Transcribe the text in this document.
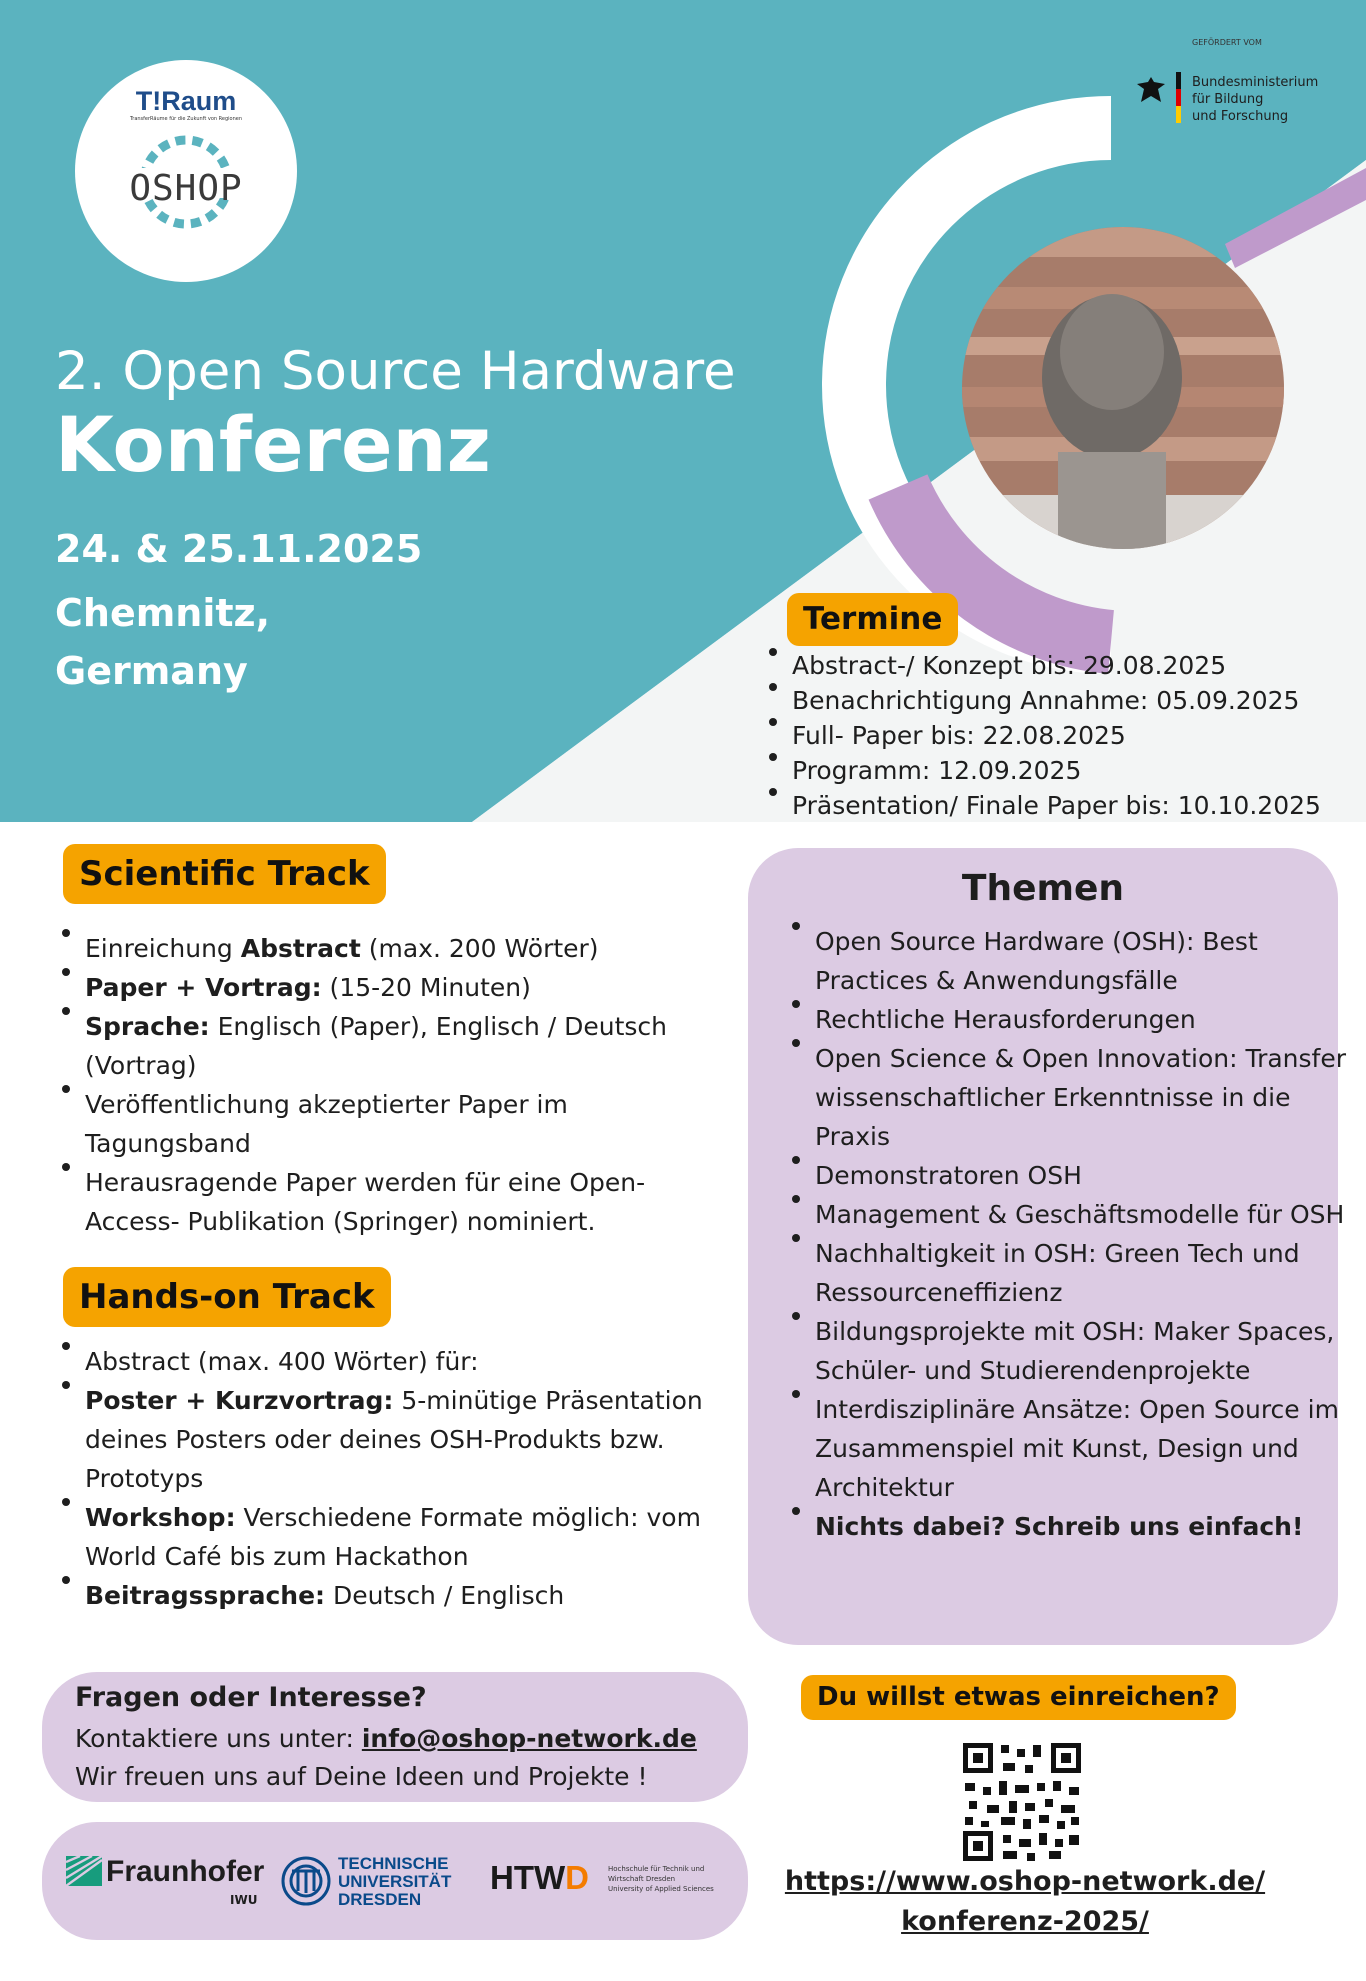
T!Raum
TransferRäume für die Zukunft von Regionen
OSHOP
GEFÖRDERT VOM
Bundesministerium
für Bildung
und Forschung
2. Open Source Hardware
Konferenz
24. & 25.11.2025
Chemnitz,
Germany
Termine
Abstract-/ Konzept bis: 29.08.2025
Benachrichtigung Annahme: 05.09.2025
Full- Paper bis: 22.08.2025
Programm: 12.09.2025
Präsentation/ Finale Paper bis: 10.10.2025
Scientific Track
Einreichung Abstract (max. 200 Wörter)
Paper + Vortrag: (15-20 Minuten)
Sprache: Englisch (Paper), Englisch / Deutsch (Vortrag)
Veröffentlichung akzeptierter Paper im Tagungsband
Herausragende Paper werden für eine Open-Access- Publikation (Springer) nominiert.
Hands-on Track
Abstract (max. 400 Wörter) für:
Poster + Kurzvortrag: 5-minütige Präsentation deines Posters oder deines OSH-Produkts bzw. Prototyps
Workshop: Verschiedene Formate möglich: vom World Café bis zum Hackathon
Beitragssprache: Deutsch / Englisch
Themen
Open Source Hardware (OSH): Best Practices & Anwendungsfälle
Rechtliche Herausforderungen
Open Science & Open Innovation: Transfer wissenschaftlicher Erkenntnisse in die Praxis
Demonstratoren OSH
Management & Geschäftsmodelle für OSH
Nachhaltigkeit in OSH: Green Tech und Ressourceneffizienz
Bildungsprojekte mit OSH: Maker Spaces, Schüler- und Studierendenprojekte
Interdisziplinäre Ansätze: Open Source im Zusammenspiel mit Kunst, Design und Architektur
Nichts dabei? Schreib uns einfach!
Fragen oder Interesse?
Kontaktiere uns unter: info@oshop-network.de
Wir freuen uns auf Deine Ideen und Projekte !
Fraunhofer
IWU
TECHNISCHE
UNIVERSITÄT
DRESDEN
HTWD	Hochschule für Technik und
Wirtschaft Dresden
University of Applied Sciences
Du willst etwas einreichen?
https://www.oshop-network.de/
konferenz-2025/
